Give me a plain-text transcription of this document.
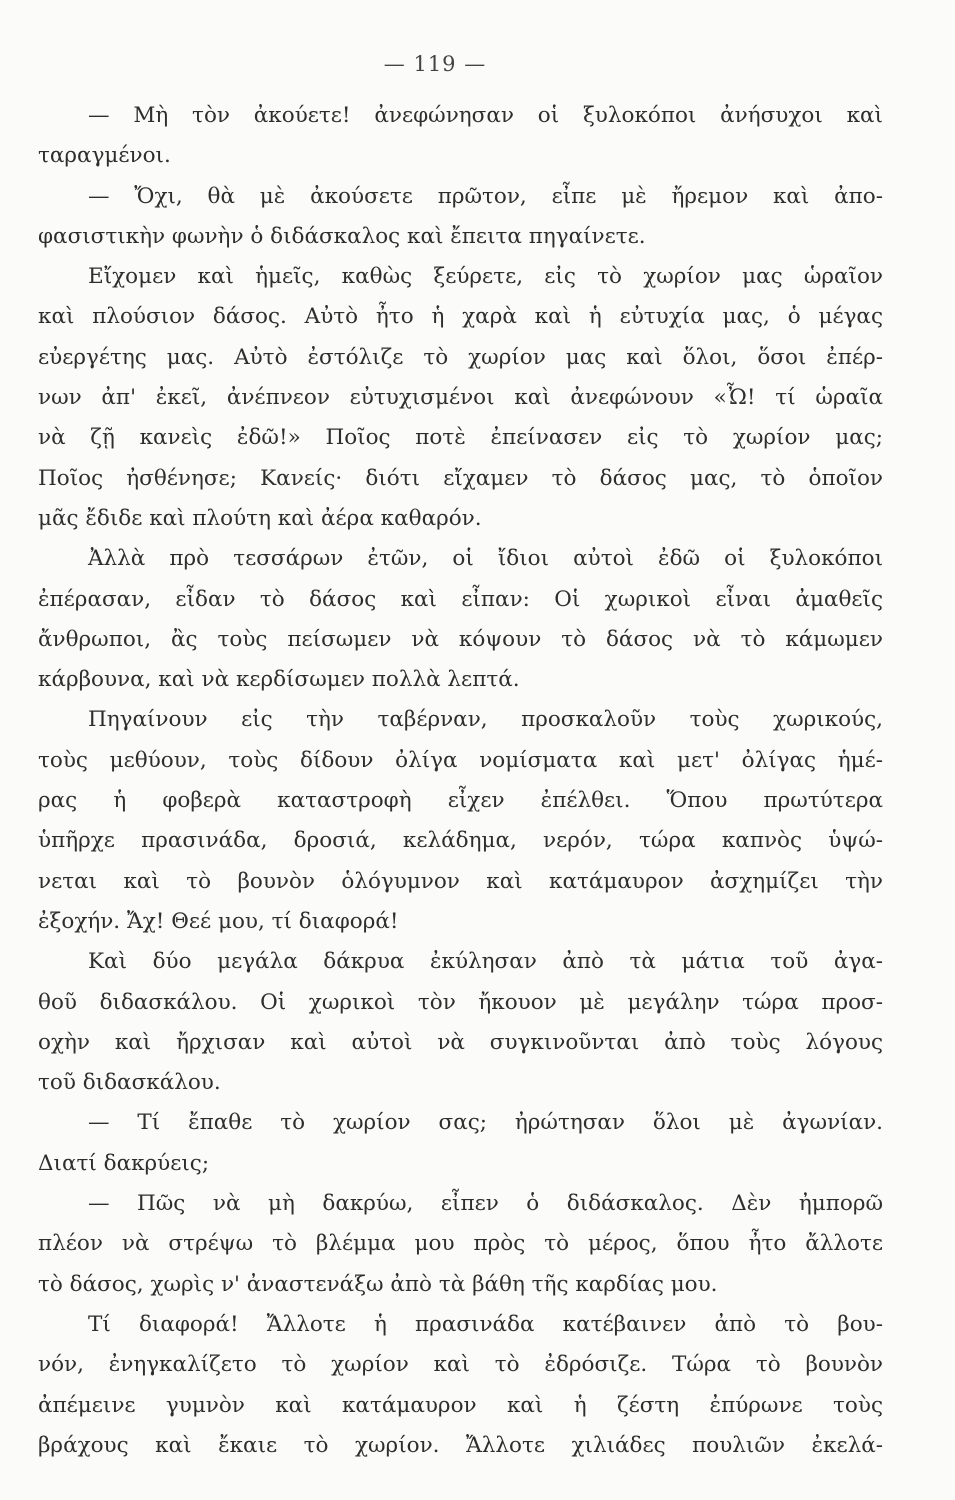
— 119 —
— Μὴ τὸν ἀκούετε! ἀνεφώνησαν οἱ ξυλοκόποι ἀνήσυχοι καὶ
ταραγμένοι.
— Ὄχι, θὰ μὲ ἀκούσετε πρῶτον, εἶπε μὲ ἤρεμον καὶ ἀπο-
φασιστικὴν φωνὴν ὁ διδάσκαλος καὶ ἔπειτα πηγαίνετε.
Εἴχομεν καὶ ἡμεῖς, καθὼς ξεύρετε, εἰς τὸ χωρίον μας ὡραῖον
καὶ πλούσιον δάσος. Αὐτὸ ἦτο ἡ χαρὰ καὶ ἡ εὐτυχία μας, ὁ μέγας
εὐεργέτης μας. Αὐτὸ ἐστόλιζε τὸ χωρίον μας καὶ ὅλοι, ὅσοι ἐπέρ-
νων ἀπ' ἐκεῖ, ἀνέπνεον εὐτυχισμένοι καὶ ἀνεφώνουν «Ὦ! τί ὡραῖα
νὰ ζῇ κανεὶς ἐδῶ!» Ποῖος ποτὲ ἐπείνασεν εἰς τὸ χωρίον μας;
Ποῖος ἠσθένησε; Κανείς· διότι εἴχαμεν τὸ δάσος μας, τὸ ὁποῖον
μᾶς ἔδιδε καὶ πλούτη καὶ ἀέρα καθαρόν.
Ἀλλὰ πρὸ τεσσάρων ἐτῶν, οἱ ἴδιοι αὐτοὶ ἐδῶ οἱ ξυλοκόποι
ἐπέρασαν, εἶδαν τὸ δάσος καὶ εἶπαν: Οἱ χωρικοὶ εἶναι ἀμαθεῖς
ἄνθρωποι, ἂς τοὺς πείσωμεν νὰ κόψουν τὸ δάσος νὰ τὸ κάμωμεν
κάρβουνα, καὶ νὰ κερδίσωμεν πολλὰ λεπτά.
Πηγαίνουν εἰς τὴν ταβέρναν, προσκαλοῦν τοὺς χωρικούς,
τοὺς μεθύουν, τοὺς δίδουν ὀλίγα νομίσματα καὶ μετ' ὀλίγας ἡμέ-
ρας ἡ φοβερὰ καταστροφὴ εἶχεν ἐπέλθει. Ὅπου πρωτύτερα
ὑπῆρχε πρασινάδα, δροσιά, κελάδημα, νερόν, τώρα καπνὸς ὑψώ-
νεται καὶ τὸ βουνὸν ὁλόγυμνον καὶ κατάμαυρον ἀσχημίζει τὴν
ἐξοχήν. Ἄχ! Θεέ μου, τί διαφορά!
Καὶ δύο μεγάλα δάκρυα ἐκύλησαν ἀπὸ τὰ μάτια τοῦ ἀγα-
θοῦ διδασκάλου. Οἱ χωρικοὶ τὸν ἤκουον μὲ μεγάλην τώρα προσ-
οχὴν καὶ ἤρχισαν καὶ αὐτοὶ νὰ συγκινοῦνται ἀπὸ τοὺς λόγους
τοῦ διδασκάλου.
— Τί ἔπαθε τὸ χωρίον σας; ἠρώτησαν ὅλοι μὲ ἀγωνίαν.
Διατί δακρύεις;
— Πῶς νὰ μὴ δακρύω, εἶπεν ὁ διδάσκαλος. Δὲν ἠμπορῶ
πλέον νὰ στρέψω τὸ βλέμμα μου πρὸς τὸ μέρος, ὅπου ἦτο ἄλλοτε
τὸ δάσος, χωρὶς ν' ἀναστενάξω ἀπὸ τὰ βάθη τῆς καρδίας μου.
Τί διαφορά! Ἄλλοτε ἡ πρασινάδα κατέβαινεν ἀπὸ τὸ βου-
νόν, ἐνηγκαλίζετο τὸ χωρίον καὶ τὸ ἐδρόσιζε. Τώρα τὸ βουνὸν
ἀπέμεινε γυμνὸν καὶ κατάμαυρον καὶ ἡ ζέστη ἐπύρωνε τοὺς
βράχους καὶ ἔκαιε τὸ χωρίον. Ἄλλοτε χιλιάδες πουλιῶν ἐκελά-
